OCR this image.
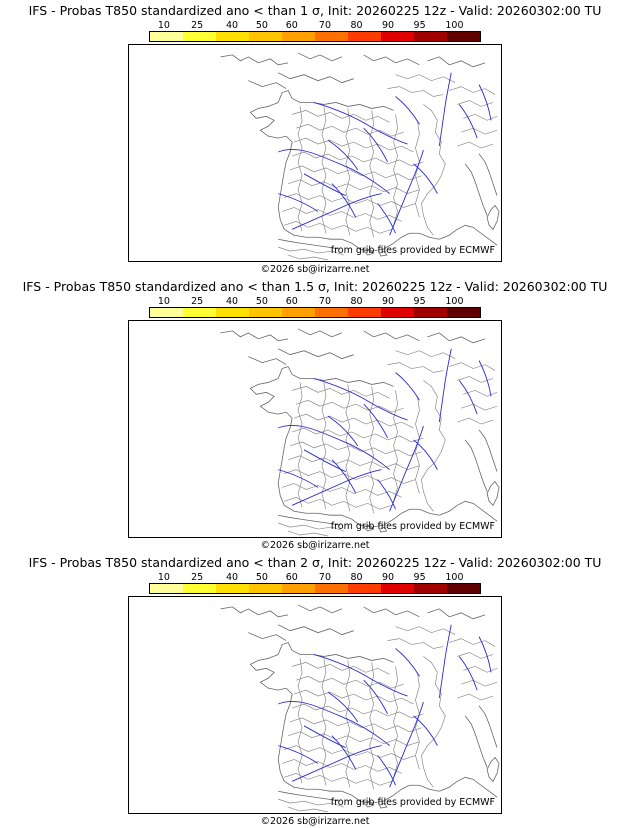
IFS - Probas T850 standardized ano < than 1 σ, Init: 20260225 12z - Valid: 20260302:00 TU
10 25 40 50 60 70 80 90 95 100
from grib files provided by ECMWF
©2026 sb@irizarre.net
IFS - Probas T850 standardized ano < than 1.5 σ, Init: 20260225 12z - Valid: 20260302:00 TU
10 25 40 50 60 70 80 90 95 100
from grib files provided by ECMWF
©2026 sb@irizarre.net
IFS - Probas T850 standardized ano < than 2 σ, Init: 20260225 12z - Valid: 20260302:00 TU
10 25 40 50 60 70 80 90 95 100
from grib files provided by ECMWF
©2026 sb@irizarre.net
